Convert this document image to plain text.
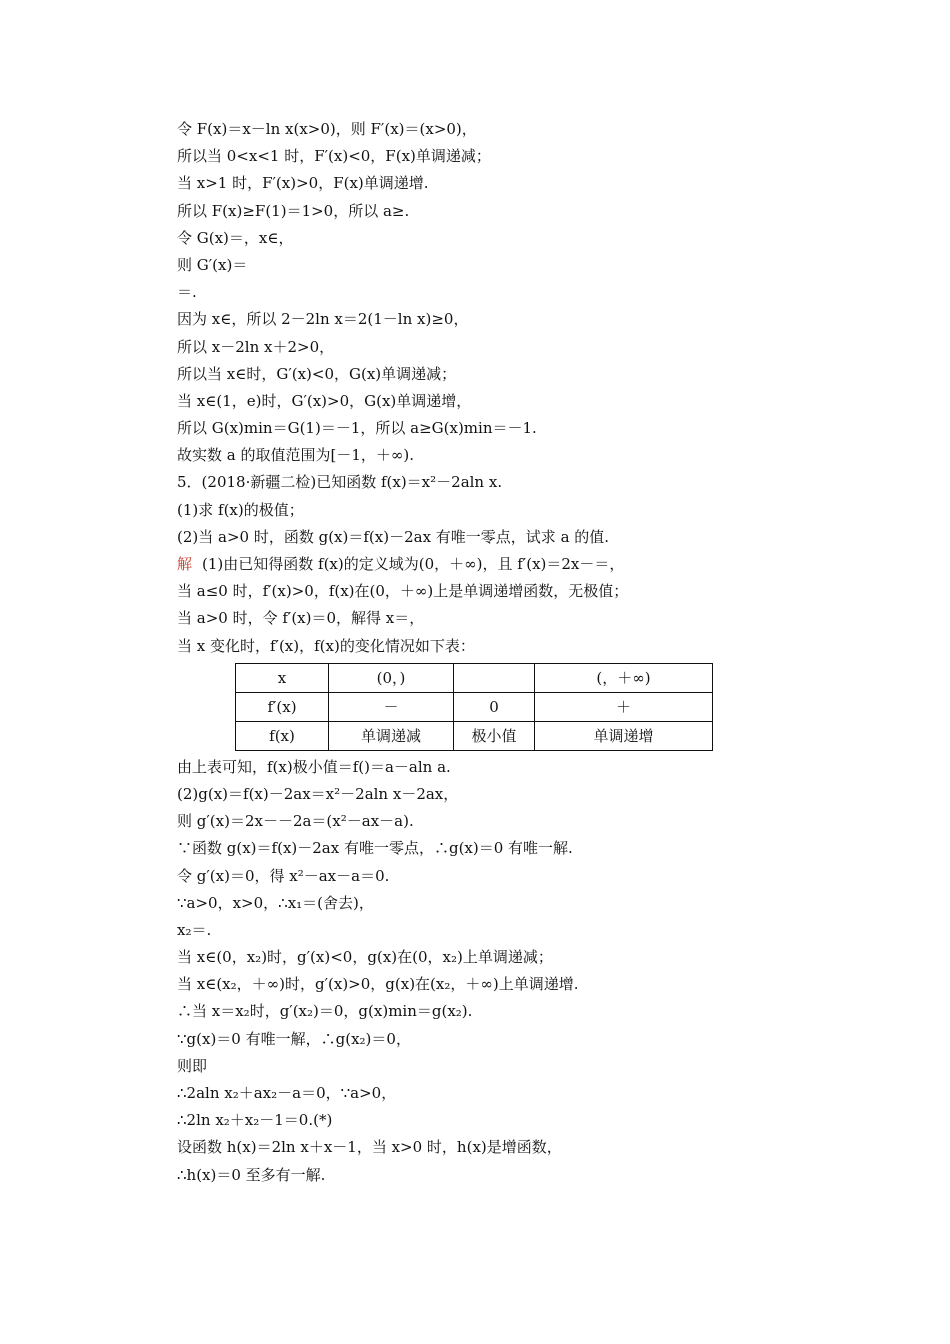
令 F(x)＝x－ln x(x>0)，则 F′(x)＝(x>0)，
所以当 0<x<1 时，F′(x)<0，F(x)单调递减；
当 x>1 时，F′(x)>0，F(x)单调递增.
所以 F(x)≥F(1)＝1>0，所以 a≥.
令 G(x)＝，x∈，
则 G′(x)＝
＝.
因为 x∈，所以 2－2ln x＝2(1－ln x)≥0，
所以 x－2ln x＋2>0，
所以当 x∈时，G′(x)<0，G(x)单调递减；
当 x∈(1，e)时，G′(x)>0，G(x)单调递增，
所以 G(x)min＝G(1)＝－1，所以 a≥G(x)min＝－1.
故实数 a 的取值范围为[－1，＋∞).
5．(2018·新疆二检)已知函数 f(x)＝x²－2aln x.
(1)求 f(x)的极值；
(2)当 a>0 时，函数 g(x)＝f(x)－2ax 有唯一零点，试求 a 的值.
解 (1)由已知得函数 f(x)的定义域为(0，＋∞)，且 f′(x)＝2x－＝，
当 a≤0 时，f′(x)>0，f(x)在(0，＋∞)上是单调递增函数，无极值；
当 a>0 时，令 f′(x)＝0，解得 x＝，
当 x 变化时，f′(x)，f(x)的变化情况如下表：
x	(0，)		(，＋∞)
f′(x)	－	0	＋
f(x)	单调递减	极小值	单调递增
由上表可知，f(x)极小值＝f()＝a－aln a.
(2)g(x)＝f(x)－2ax＝x²－2aln x－2ax，
则 g′(x)＝2x－－2a＝(x²－ax－a).
∵函数 g(x)＝f(x)－2ax 有唯一零点，∴g(x)＝0 有唯一解.
令 g′(x)＝0，得 x²－ax－a＝0.
∵a>0，x>0，∴x₁＝(舍去)，
x₂＝.
当 x∈(0，x₂)时，g′(x)<0，g(x)在(0，x₂)上单调递减；
当 x∈(x₂，＋∞)时，g′(x)>0，g(x)在(x₂，＋∞)上单调递增.
∴当 x＝x₂时，g′(x₂)＝0，g(x)min＝g(x₂).
∵g(x)＝0 有唯一解，∴g(x₂)＝0，
则即
∴2aln x₂＋ax₂－a＝0，∵a>0，
∴2ln x₂＋x₂－1＝0.(*)
设函数 h(x)＝2ln x＋x－1，当 x>0 时，h(x)是增函数，
∴h(x)＝0 至多有一解.
